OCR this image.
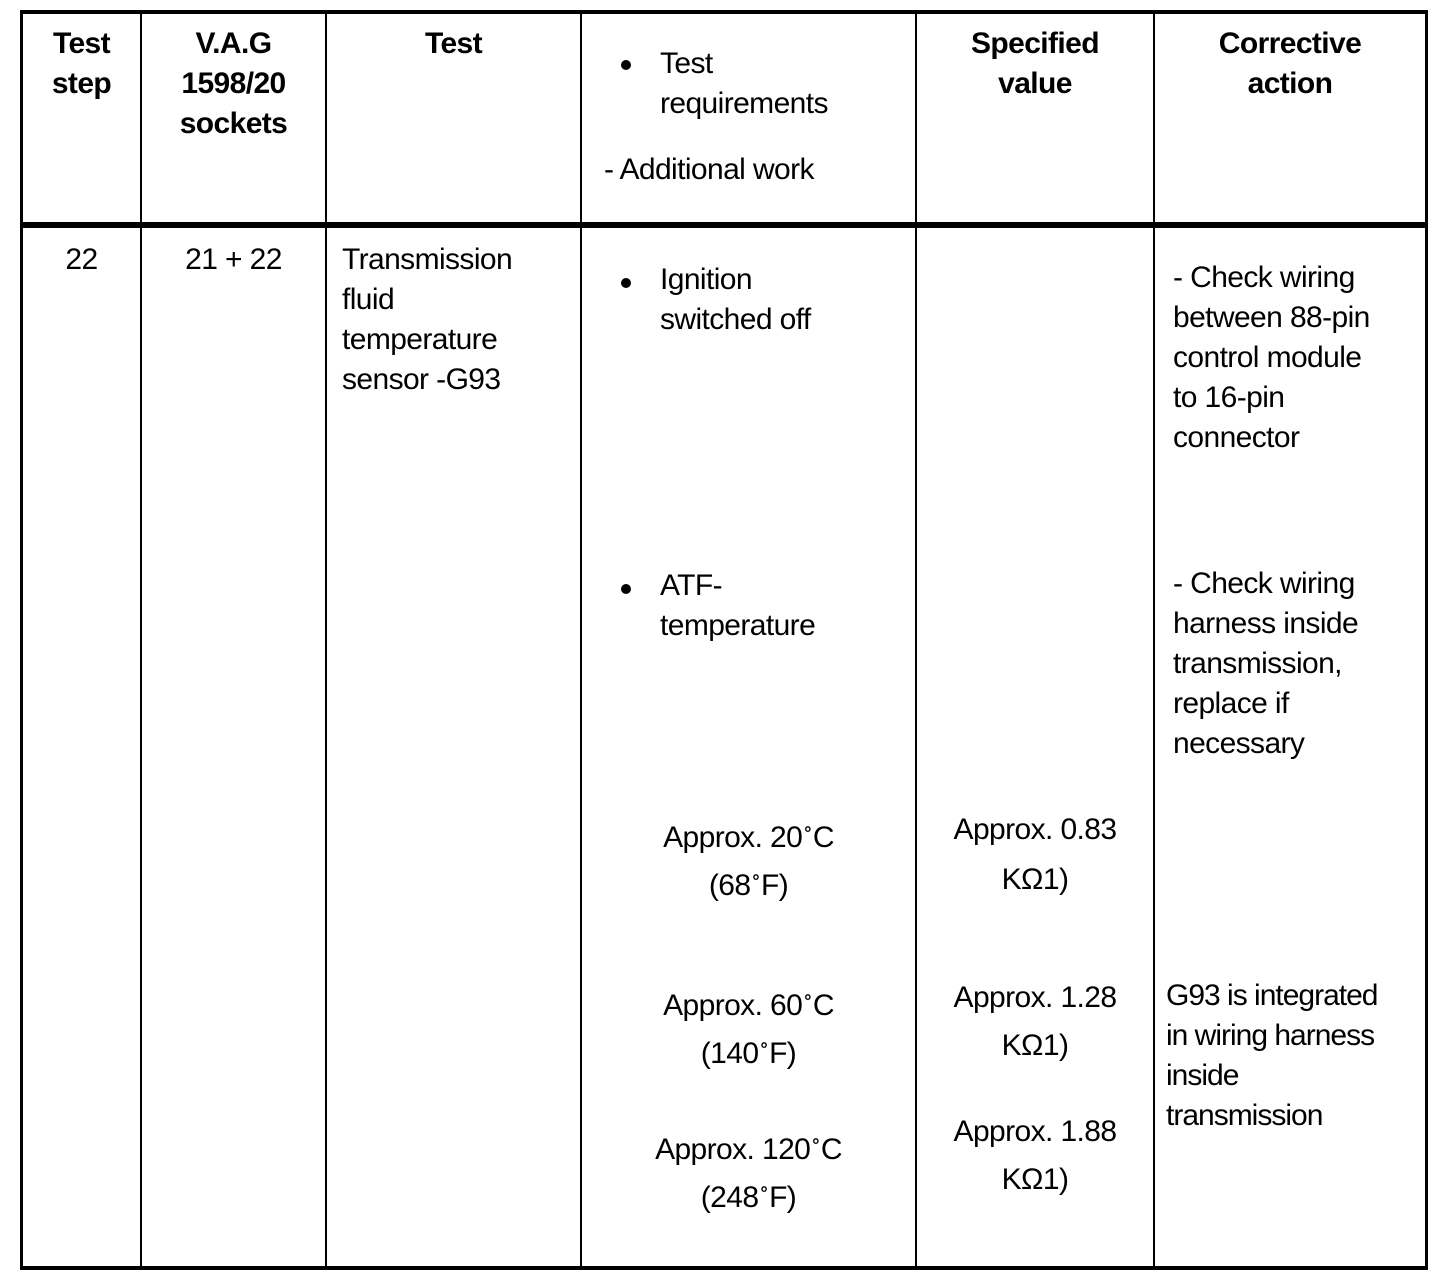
Test
step
V.A.G
1598/20
sockets
Test
Test
requirements
- Additional work
Specified
value
Corrective
action
22	21 + 22	Transmission
fluid
temperature
sensor -G93
Ignition
switched off
ATF-
temperature
Approx. 20 °C
(68 °F)
Approx. 60 °C
(140 °F)
Approx. 120 °C
(248 °F)
Approx. 0.83
KΩ1)
Approx. 1.28
KΩ1)
Approx. 1.88
KΩ1)
- Check wiring
between 88-pin
control module
to 16-pin
connector
- Check wiring
harness inside
transmission,
replace if
necessary
G93 is integrated
in wiring harness
inside
transmission
